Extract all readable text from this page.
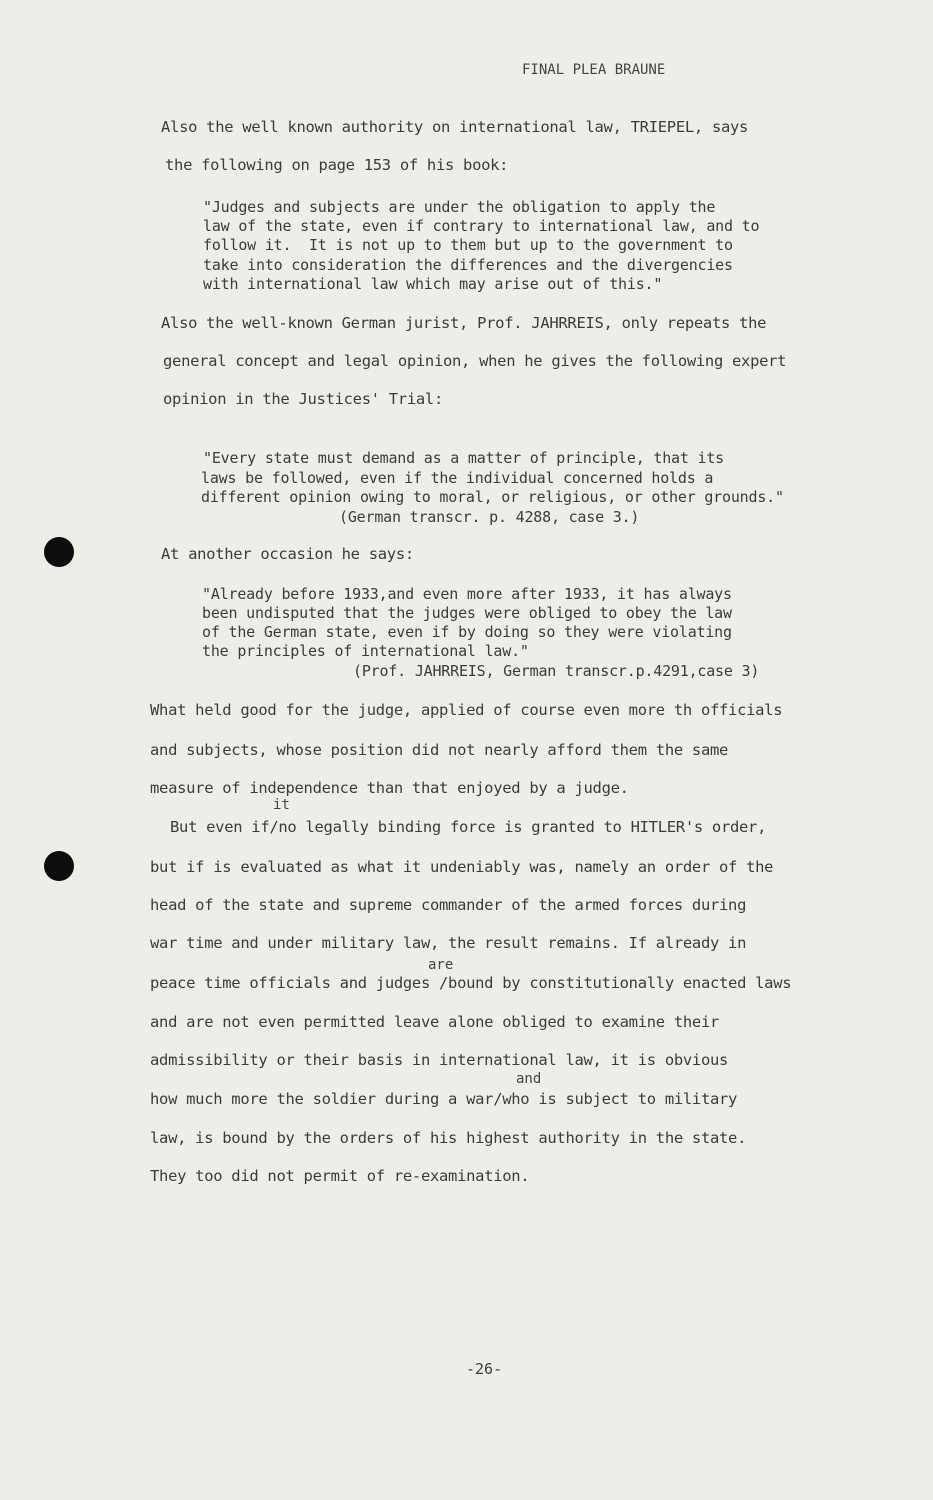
FINAL PLEA BRAUNE
Also the well known authority on international law, TRIEPEL, says
the following on page 153 of his book:
"Judges and subjects are under the obligation to apply the
law of the state, even if contrary to international law, and to
follow it.  It is not up to them but up to the government to
take into consideration the differences and the divergencies
with international law which may arise out of this."
Also the well-known German jurist, Prof. JAHRREIS, only repeats the
general concept and legal opinion, when he gives the following expert
opinion in the Justices' Trial:
"Every state must demand as a matter of principle, that its
laws be followed, even if the individual concerned holds a
different opinion owing to moral, or religious, or other grounds."
(German transcr. p. 4288, case 3.)
At another occasion he says:
"Already before 1933,and even more after 1933, it has always
been undisputed that the judges were obliged to obey the law
of the German state, even if by doing so they were violating
the principles of international law."
(Prof. JAHRREIS, German transcr.p.4291,case 3)
What held good for the judge, applied of course even more th officials
and subjects, whose position did not nearly afford them the same
measure of independence than that enjoyed by a judge.
it
But even if/no legally binding force is granted to HITLER's order,
but if is evaluated as what it undeniably was, namely an order of the
head of the state and supreme commander of the armed forces during
war time and under military law, the result remains. If already in
are
peace time officials and judges /bound by constitutionally enacted laws
and are not even permitted leave alone obliged to examine their
admissibility or their basis in international law, it is obvious
and
how much more the soldier during a war/who is subject to military
law, is bound by the orders of his highest authority in the state.
They too did not permit of re-examination.
-26-
